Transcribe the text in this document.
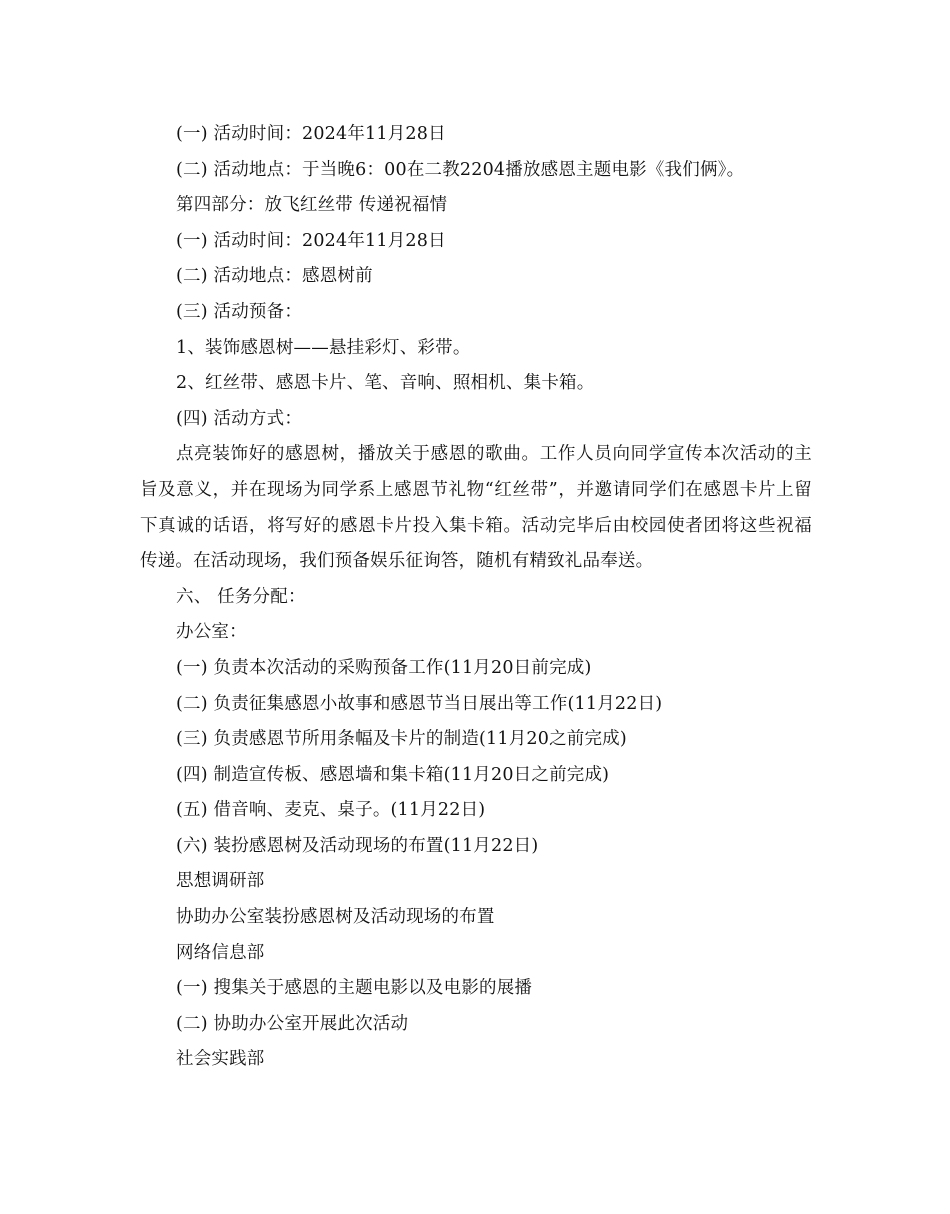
(一) 活动时间：2024年11月28日
(二) 活动地点：于当晚6：00在二教2204播放感恩主题电影《我们俩》。
第四部分：放飞红丝带 传递祝福情
(一) 活动时间：2024年11月28日
(二) 活动地点：感恩树前
(三) 活动预备：
1、装饰感恩树——悬挂彩灯、彩带。
2、红丝带、感恩卡片、笔、音响、照相机、集卡箱。
(四) 活动方式：

点亮装饰好的感恩树，播放关于感恩的歌曲。工作人员向同学宣传本次活动的主旨及意义，并在现场为同学系上感恩节礼物“红丝带”，并邀请同学们在感恩卡片上留下真诚的话语，将写好的感恩卡片投入集卡箱。活动完毕后由校园使者团将这些祝福传递。在活动现场，我们预备娱乐征询答，随机有精致礼品奉送。

六、 任务分配：
办公室：
(一) 负责本次活动的采购预备工作(11月20日前完成)
(二) 负责征集感恩小故事和感恩节当日展出等工作(11月22日)
(三) 负责感恩节所用条幅及卡片的制造(11月20之前完成)
(四) 制造宣传板、感恩墙和集卡箱(11月20日之前完成)
(五) 借音响、麦克、桌子。(11月22日)
(六) 装扮感恩树及活动现场的布置(11月22日)
思想调研部
协助办公室装扮感恩树及活动现场的布置
网络信息部
(一) 搜集关于感恩的主题电影以及电影的展播
(二) 协助办公室开展此次活动
社会实践部
